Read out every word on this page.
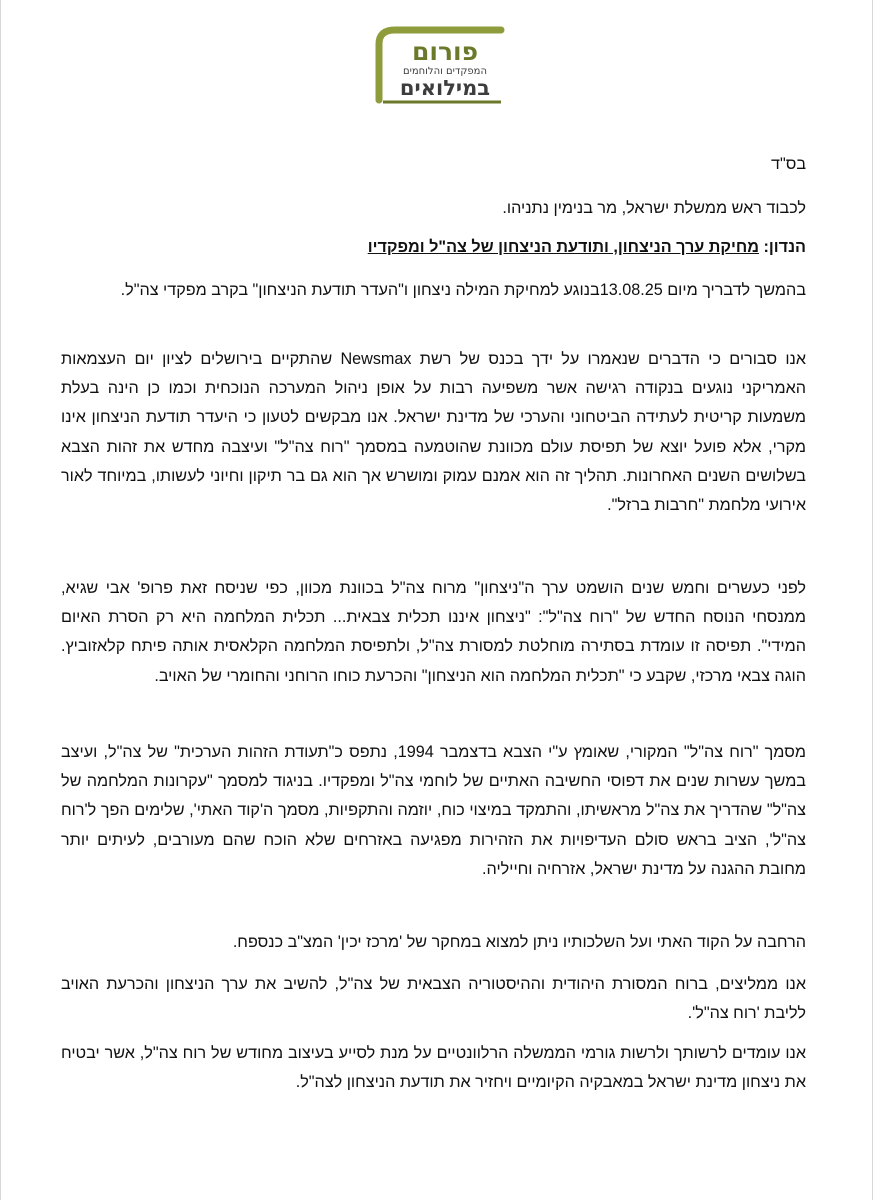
פורום
המפקדים והלוחמים
במילואים
בס"ד
לכבוד ראש ממשלת ישראל, מר בנימין נתניהו.
הנדון: מחיקת ערך הניצחון, ותודעת הניצחון של צה"ל ומפקדיו
בהמשך לדבריך מיום 13.08.25בנוגע למחיקת המילה ניצחון ו"העדר תודעת הניצחון" בקרב מפקדי צה"ל.
אנו סבורים כי הדברים שנאמרו על ידך בכנס של רשת Newsmax שהתקיים בירושלים לציון יום העצמאות האמריקני נוגעים בנקודה רגישה אשר משפיעה רבות על אופן ניהול המערכה הנוכחית וכמו כן הינה בעלת משמעות קריטית לעתידה הביטחוני והערכי של מדינת ישראל. אנו מבקשים לטעון כי היעדר תודעת הניצחון אינו מקרי, אלא פועל יוצא של תפיסת עולם מכוונת שהוטמעה במסמך "רוח צה"ל" ועיצבה מחדש את זהות הצבא בשלושים השנים האחרונות. תהליך זה הוא אמנם עמוק ומושרש אך הוא גם בר תיקון וחיוני לעשותו, במיוחד לאור אירועי מלחמת "חרבות ברזל".
לפני כעשרים וחמש שנים הושמט ערך ה"ניצחון" מרוח צה"ל בכוונת מכוון, כפי שניסח זאת פרופ' אבי שגיא, ממנסחי הנוסח החדש של "רוח צה"ל": "ניצחון איננו תכלית צבאית... תכלית המלחמה היא רק הסרת האיום המידי". תפיסה זו עומדת בסתירה מוחלטת למסורת צה"ל, ולתפיסת המלחמה הקלאסית אותה פיתח קלאזוביץ. הוגה צבאי מרכזי, שקבע כי "תכלית המלחמה הוא הניצחון" והכרעת כוחו הרוחני והחומרי של האויב.
מסמך "רוח צה"ל" המקורי, שאומץ ע"י הצבא בדצמבר 1994, נתפס כ"תעודת הזהות הערכית" של צה"ל, ועיצב במשך עשרות שנים את דפוסי החשיבה האתיים של לוחמי צה"ל ומפקדיו. בניגוד למסמך "עקרונות המלחמה של צה"ל" שהדריך את צה"ל מראשיתו, והתמקד במיצוי כוח, יוזמה והתקפיות, מסמך ה'קוד האתי', שלימים הפך ל'רוח צה"ל', הציב בראש סולם העדיפויות את הזהירות מפגיעה באזרחים שלא הוכח שהם מעורבים, לעיתים יותר מחובת ההגנה על מדינת ישראל, אזרחיה וחייליה.
הרחבה על הקוד האתי ועל השלכותיו ניתן למצוא במחקר של 'מרכז יכין' המצ"ב כנספח.
אנו ממליצים, ברוח המסורת היהודית וההיסטוריה הצבאית של צה"ל, להשיב את ערך הניצחון והכרעת האויב לליבת 'רוח צה"ל'.
אנו עומדים לרשותך ולרשות גורמי הממשלה הרלוונטיים על מנת לסייע בעיצוב מחודש של רוח צה"ל, אשר יבטיח את ניצחון מדינת ישראל במאבקיה הקיומיים ויחזיר את תודעת הניצחון לצה"ל.
